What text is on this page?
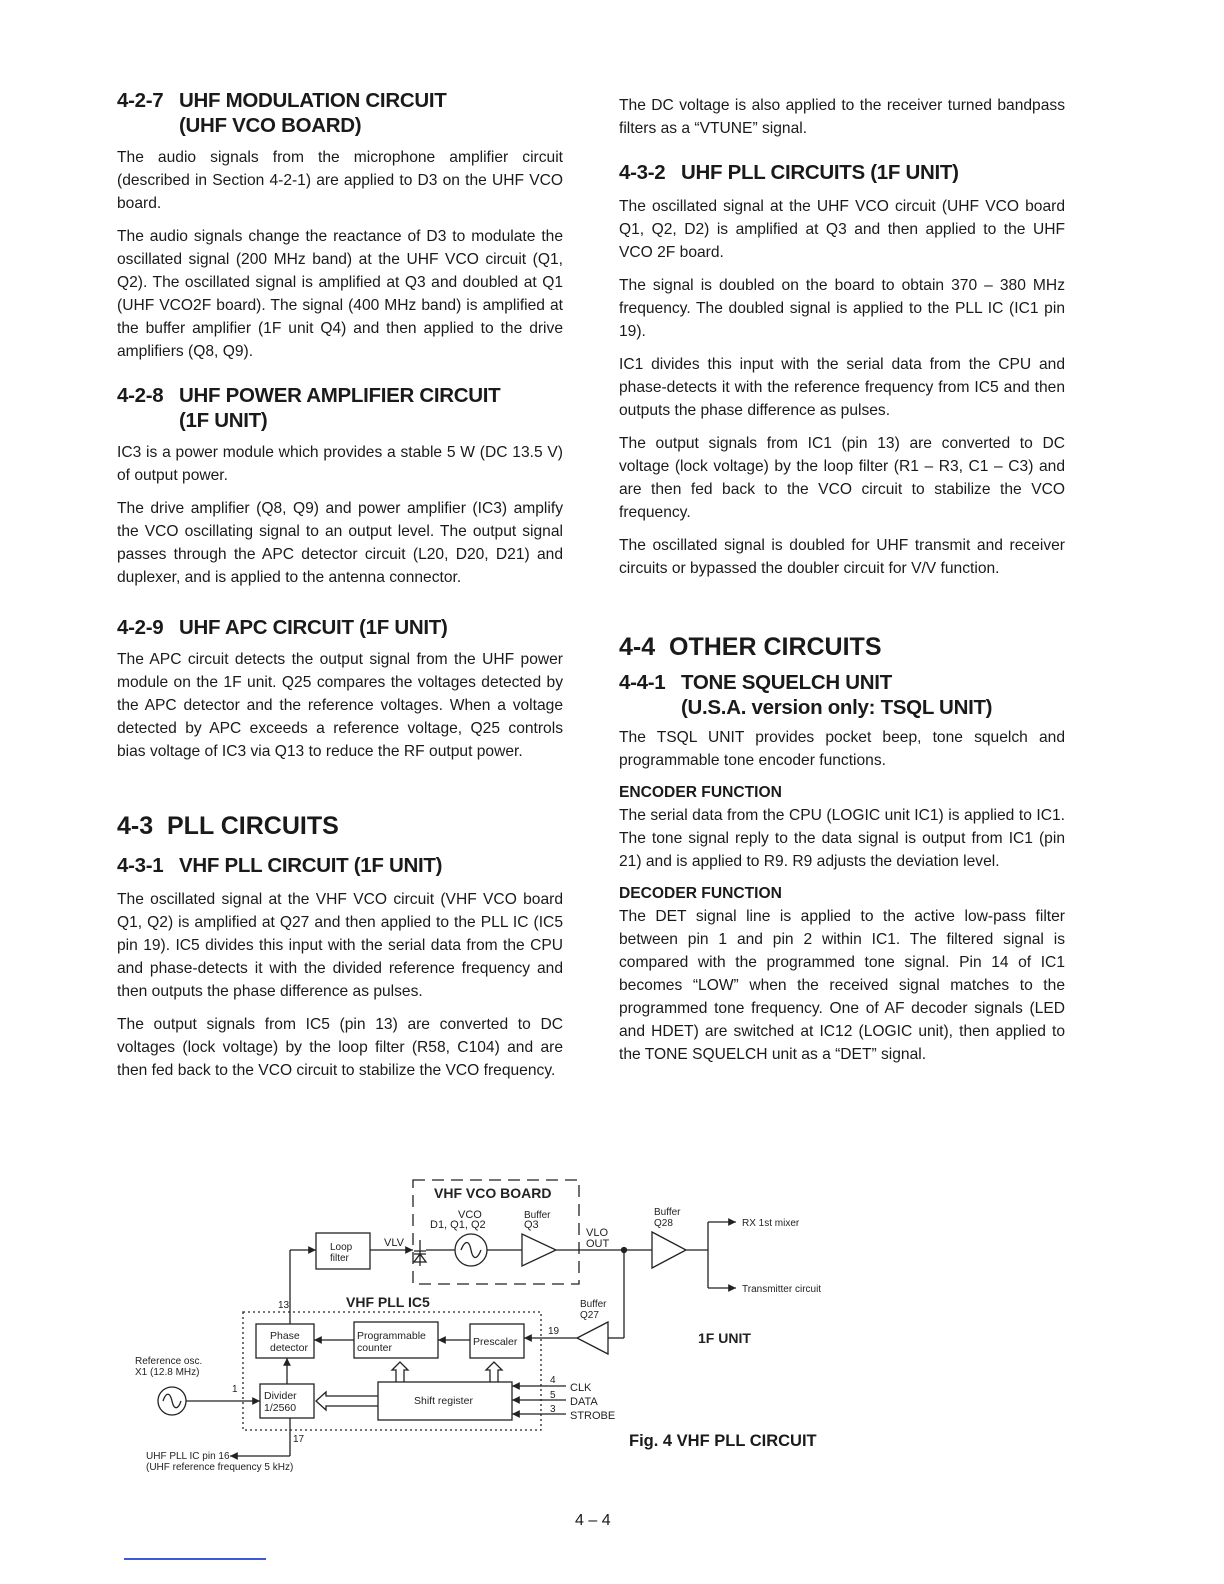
4-2-7 UHF MODULATION CIRCUIT
(UHF VCO BOARD)

The audio signals from the microphone amplifier circuit (described in Section 4-2-1) are applied to D3 on the UHF VCO board.

The audio signals change the reactance of D3 to modulate the oscillated signal (200 MHz band) at the UHF VCO circuit (Q1, Q2). The oscillated signal is amplified at Q3 and doubled at Q1 (UHF VCO2F board). The signal (400 MHz band) is amplified at the buffer amplifier (1F unit Q4) and then applied to the drive amplifiers (Q8, Q9).

4-2-8 UHF POWER AMPLIFIER CIRCUIT
(1F UNIT)

IC3 is a power module which provides a stable 5 W (DC 13.5 V) of output power.

The drive amplifier (Q8, Q9) and power amplifier (IC3) amplify the VCO oscillating signal to an output level. The output signal passes through the APC detector circuit (L20, D20, D21) and duplexer, and is applied to the antenna connector.

4-2-9 UHF APC CIRCUIT (1F UNIT)

The APC circuit detects the output signal from the UHF power module on the 1F unit. Q25 compares the voltages detected by the APC detector and the reference voltages. When a voltage detected by APC exceeds a reference voltage, Q25 controls bias voltage of IC3 via Q13 to reduce the RF output power.

4-3 PLL CIRCUITS
4-3-1 VHF PLL CIRCUIT (1F UNIT)

The oscillated signal at the VHF VCO circuit (VHF VCO board Q1, Q2) is amplified at Q27 and then applied to the PLL IC (IC5 pin 19). IC5 divides this input with the serial data from the CPU and phase-detects it with the divided reference frequency and then outputs the phase difference as pulses.

The output signals from IC5 (pin 13) are converted to DC voltages (lock voltage) by the loop filter (R58, C104) and are then fed back to the VCO circuit to stabilize the VCO frequency.

The DC voltage is also applied to the receiver turned bandpass filters as a “VTUNE” signal.

4-3-2 UHF PLL CIRCUITS (1F UNIT)

The oscillated signal at the UHF VCO circuit (UHF VCO board Q1, Q2, D2) is amplified at Q3 and then applied to the UHF VCO 2F board.

The signal is doubled on the board to obtain 370 – 380 MHz frequency. The doubled signal is applied to the PLL IC (IC1 pin 19).

IC1 divides this input with the serial data from the CPU and phase-detects it with the reference frequency from IC5 and then outputs the phase difference as pulses.

The output signals from IC1 (pin 13) are converted to DC voltage (lock voltage) by the loop filter (R1 – R3, C1 – C3) and are then fed back to the VCO circuit to stabilize the VCO frequency.

The oscillated signal is doubled for UHF transmit and receiver circuits or bypassed the doubler circuit for V/V function.

4-4 OTHER CIRCUITS
4-4-1 TONE SQUELCH UNIT
(U.S.A. version only: TSQL UNIT)

The TSQL UNIT provides pocket beep, tone squelch and programmable tone encoder functions.

ENCODER FUNCTION

The serial data from the CPU (LOGIC unit IC1) is applied to IC1. The tone signal reply to the data signal is output from IC1 (pin 21) and is applied to R9. R9 adjusts the deviation level.

DECODER FUNCTION

The DET signal line is applied to the active low-pass filter between pin 1 and pin 2 within IC1. The filtered signal is compared with the programmed tone signal. Pin 14 of IC1 becomes “LOW” when the received signal matches to the programmed tone frequency. One of AF decoder signals (LED and HDET) are switched at IC12 (LOGIC unit), then applied to the TONE SQUELCH unit as a “DET” signal.

VHF VCO BOARD
VCO
D1, Q1, Q2
Buffer
Q3
Buffer
Q28
VLO
OUT
Loop
filter
VLV
RX 1st mixer
Transmitter circuit
VHF PLL IC5	Buffer
Q27
Phase
detector
Programmable
counter	Prescaler
Divider
1/2560
Shift register
1F UNIT
Reference osc.
X1 (12.8 MHz)
13
19
1
4
5
3
17
CLK
DATA
STROBE
UHF PLL IC pin 16
(UHF reference frequency 5 kHz)
Fig. 4 VHF PLL CIRCUIT
4 – 4
